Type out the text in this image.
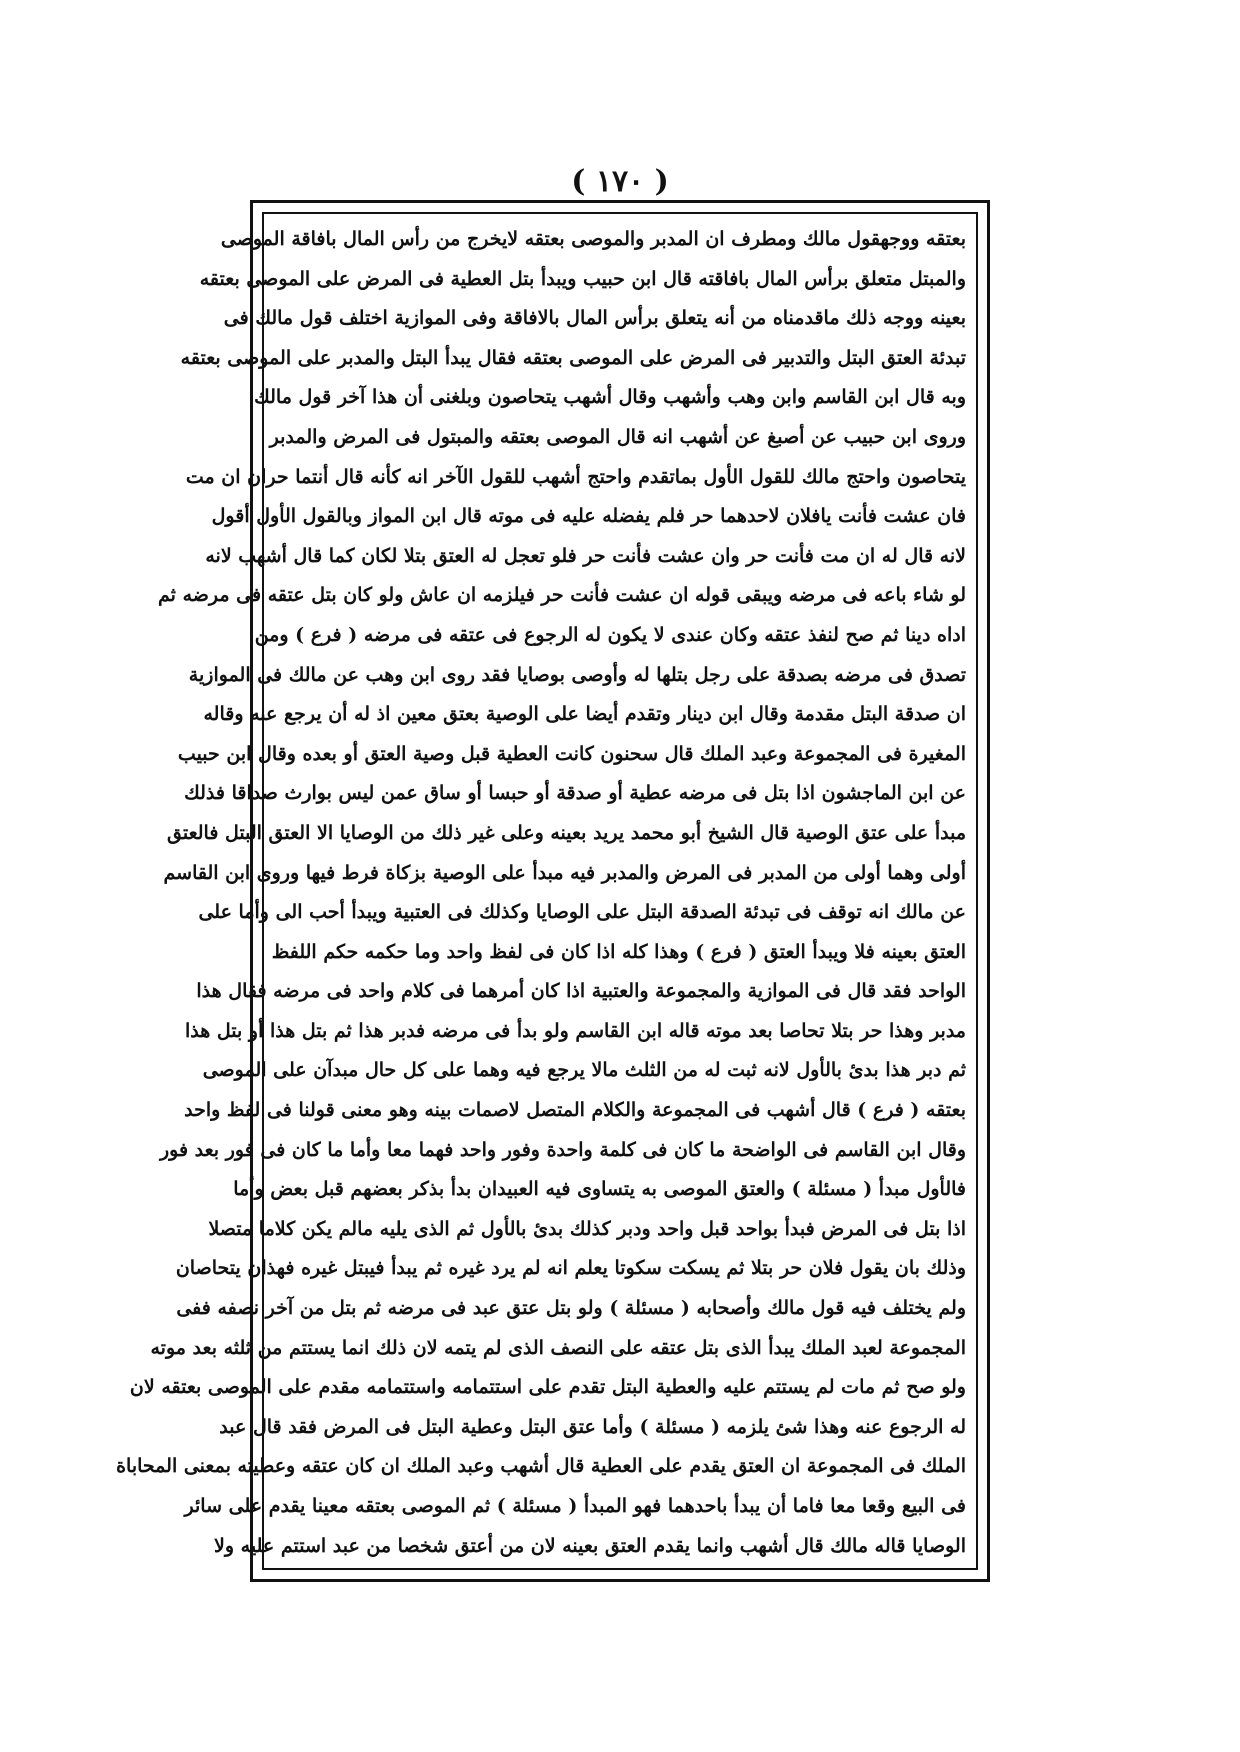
( ١٧٠ )
بعتقه ووجهقول مالك ومطرف ان المدبر والموصى بعتقه لايخرج من رأس المال بافاقة الموصى
والمبتل متعلق برأس المال بافاقته قال ابن حبيب ويبدأ بتل العطية فى المرض على الموصى بعتقه
بعينه ووجه ذلك ماقدمناه من أنه يتعلق برأس المال بالافاقة وفى الموازية اختلف قول مالك فى
تبدئة العتق البتل والتدبير فى المرض على الموصى بعتقه فقال يبدأ البتل والمدبر على الموصى بعتقه
وبه قال ابن القاسم وابن وهب وأشهب وقال أشهب يتحاصون وبلغنى أن هذا آخر قول مالك
وروى ابن حبيب عن أصبغ عن أشهب انه قال الموصى بعتقه والمبتول فى المرض والمدبر
يتحاصون واحتج مالك للقول الأول بماتقدم واحتج أشهب للقول الآخر انه كأنه قال أنتما حران ان مت
فان عشت فأنت يافلان لاحدهما حر فلم يفضله عليه فى موته قال ابن المواز وبالقول الأول أقول
لانه قال له ان مت فأنت حر وان عشت فأنت حر فلو تعجل له العتق بتلا لكان كما قال أشهب لانه
لو شاء باعه فى مرضه ويبقى قوله ان عشت فأنت حر فيلزمه ان عاش ولو كان بتل عتقه فى مرضه ثم
اداه دينا ثم صح لنفذ عتقه وكان عندى لا يكون له الرجوع فى عتقه فى مرضه ( فرع ) ومن
تصدق فى مرضه بصدقة على رجل بتلها له وأوصى بوصايا فقد روى ابن وهب عن مالك فى الموازية
ان صدقة البتل مقدمة وقال ابن دينار وتقدم أيضا على الوصية بعتق معين اذ له أن يرجع عنه وقاله
المغيرة فى المجموعة وعبد الملك قال سحنون كانت العطية قبل وصية العتق أو بعده وقال ابن حبيب
عن ابن الماجشون اذا بتل فى مرضه عطية أو صدقة أو حبسا أو ساق عمن ليس بوارث صداقا فذلك
مبدأ على عتق الوصية قال الشيخ أبو محمد يريد بعينه وعلى غير ذلك من الوصايا الا العتق البتل فالعتق
أولى وهما أولى من المدبر فى المرض والمدبر فيه مبدأ على الوصية بزكاة فرط فيها وروى ابن القاسم
عن مالك انه توقف فى تبدئة الصدقة البتل على الوصايا وكذلك فى العتبية ويبدأ أحب الى وأما على
العتق بعينه فلا ويبدأ العتق ( فرع ) وهذا كله اذا كان فى لفظ واحد وما حكمه حكم اللفظ
الواحد فقد قال فى الموازية والمجموعة والعتبية اذا كان أمرهما فى كلام واحد فى مرضه فقال هذا
مدبر وهذا حر بتلا تحاصا بعد موته قاله ابن القاسم ولو بدأ فى مرضه فدبر هذا ثم بتل هذا أو بتل هذا
ثم دبر هذا بدئ بالأول لانه ثبت له من الثلث مالا يرجع فيه وهما على كل حال مبدآن على الموصى
بعتقه ( فرع ) قال أشهب فى المجموعة والكلام المتصل لاصمات بينه وهو معنى قولنا فى لفظ واحد
وقال ابن القاسم فى الواضحة ما كان فى كلمة واحدة وفور واحد فهما معا وأما ما كان فى فور بعد فور
فالأول مبدأ ( مسئلة ) والعتق الموصى به يتساوى فيه العبيدان بدأ بذكر بعضهم قبل بعض وأما
اذا بتل فى المرض فبدأ بواحد قبل واحد ودبر كذلك بدئ بالأول ثم الذى يليه مالم يكن كلاما متصلا
وذلك بان يقول فلان حر بتلا ثم يسكت سكوتا يعلم انه لم يرد غيره ثم يبدأ فيبتل غيره فهذان يتحاصان
ولم يختلف فيه قول مالك وأصحابه ( مسئلة ) ولو بتل عتق عبد فى مرضه ثم بتل من آخر نصفه ففى
المجموعة لعبد الملك يبدأ الذى بتل عتقه على النصف الذى لم يتمه لان ذلك انما يستتم من ثلثه بعد موته
ولو صح ثم مات لم يستتم عليه والعطية البتل تقدم على استتمامه واستتمامه مقدم على الموصى بعتقه لان
له الرجوع عنه وهذا شئ يلزمه ( مسئلة ) وأما عتق البتل وعطية البتل فى المرض فقد قال عبد
الملك فى المجموعة ان العتق يقدم على العطية قال أشهب وعبد الملك ان كان عتقه وعطيته بمعنى المحاباة
فى البيع وقعا معا فاما أن يبدأ باحدهما فهو المبدأ ( مسئلة ) ثم الموصى بعتقه معينا يقدم على سائر
الوصايا قاله مالك قال أشهب وانما يقدم العتق بعينه لان من أعتق شخصا من عبد استتم عليه ولا
